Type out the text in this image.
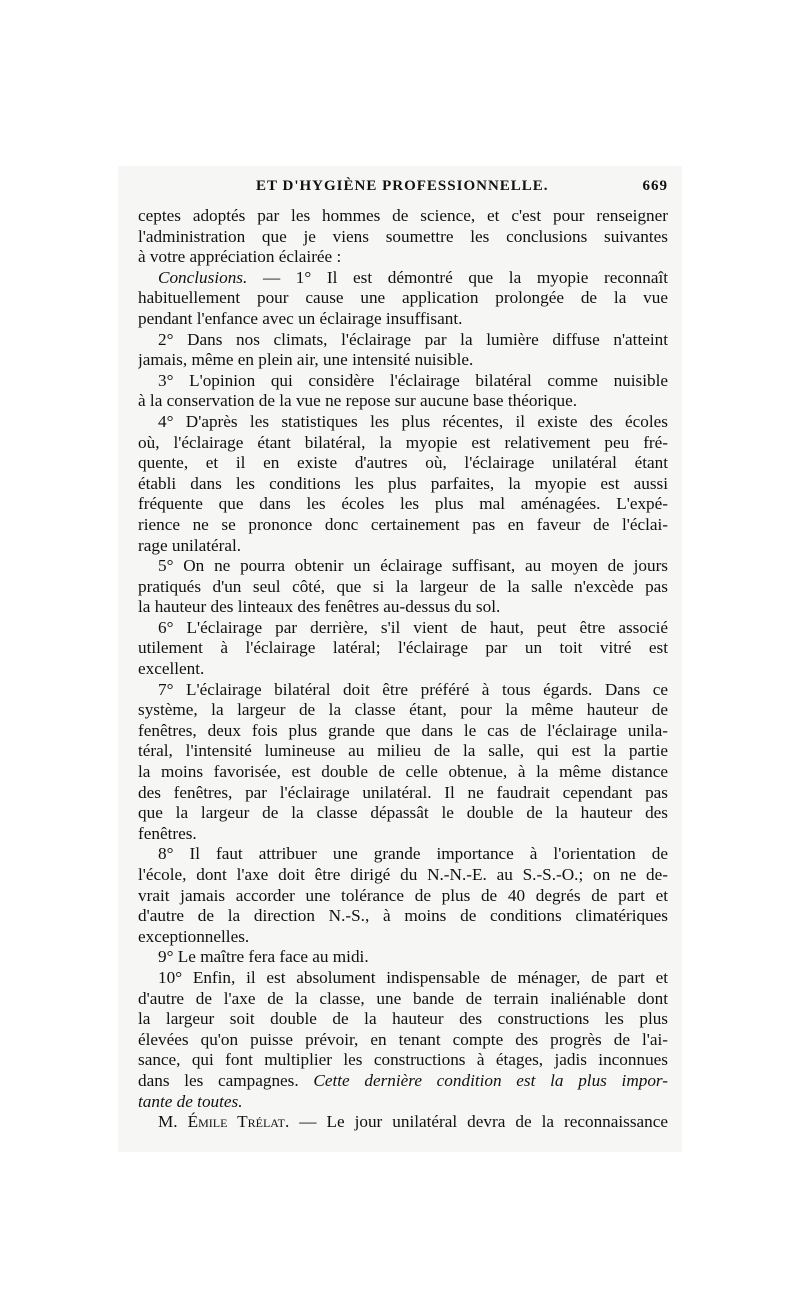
ET D'HYGIÈNE PROFESSIONNELLE.	669

ceptes adoptés par les hommes de science, et c'est pour renseigner

l'administration que je viens soumettre les conclusions suivantes

à votre appréciation éclairée :

Conclusions. — 1° Il est démontré que la myopie reconnaît

habituellement pour cause une application prolongée de la vue

pendant l'enfance avec un éclairage insuffisant.

2° Dans nos climats, l'éclairage par la lumière diffuse n'atteint

jamais, même en plein air, une intensité nuisible.

3° L'opinion qui considère l'éclairage bilatéral comme nuisible

à la conservation de la vue ne repose sur aucune base théorique.

4° D'après les statistiques les plus récentes, il existe des écoles

où, l'éclairage étant bilatéral, la myopie est relativement peu fré-

quente, et il en existe d'autres où, l'éclairage unilatéral étant

établi dans les conditions les plus parfaites, la myopie est aussi

fréquente que dans les écoles les plus mal aménagées. L'expé-

rience ne se prononce donc certainement pas en faveur de l'éclai-

rage unilatéral.

5° On ne pourra obtenir un éclairage suffisant, au moyen de jours

pratiqués d'un seul côté, que si la largeur de la salle n'excède pas

la hauteur des linteaux des fenêtres au-dessus du sol.

6° L'éclairage par derrière, s'il vient de haut, peut être associé

utilement à l'éclairage latéral; l'éclairage par un toit vitré est

excellent.

7° L'éclairage bilatéral doit être préféré à tous égards. Dans ce

système, la largeur de la classe étant, pour la même hauteur de

fenêtres, deux fois plus grande que dans le cas de l'éclairage unila-

téral, l'intensité lumineuse au milieu de la salle, qui est la partie

la moins favorisée, est double de celle obtenue, à la même distance

des fenêtres, par l'éclairage unilatéral. Il ne faudrait cependant pas

que la largeur de la classe dépassât le double de la hauteur des

fenêtres.

8° Il faut attribuer une grande importance à l'orientation de

l'école, dont l'axe doit être dirigé du N.-N.-E. au S.-S.-O.; on ne de-

vrait jamais accorder une tolérance de plus de 40 degrés de part et

d'autre de la direction N.-S., à moins de conditions climatériques

exceptionnelles.

9° Le maître fera face au midi.

10° Enfin, il est absolument indispensable de ménager, de part et

d'autre de l'axe de la classe, une bande de terrain inaliénable dont

la largeur soit double de la hauteur des constructions les plus

élevées qu'on puisse prévoir, en tenant compte des progrès de l'ai-

sance, qui font multiplier les constructions à étages, jadis inconnues

dans les campagnes. Cette dernière condition est la plus impor-

tante de toutes.

M. Émile Trélat. — Le jour unilatéral devra de la reconnaissance
